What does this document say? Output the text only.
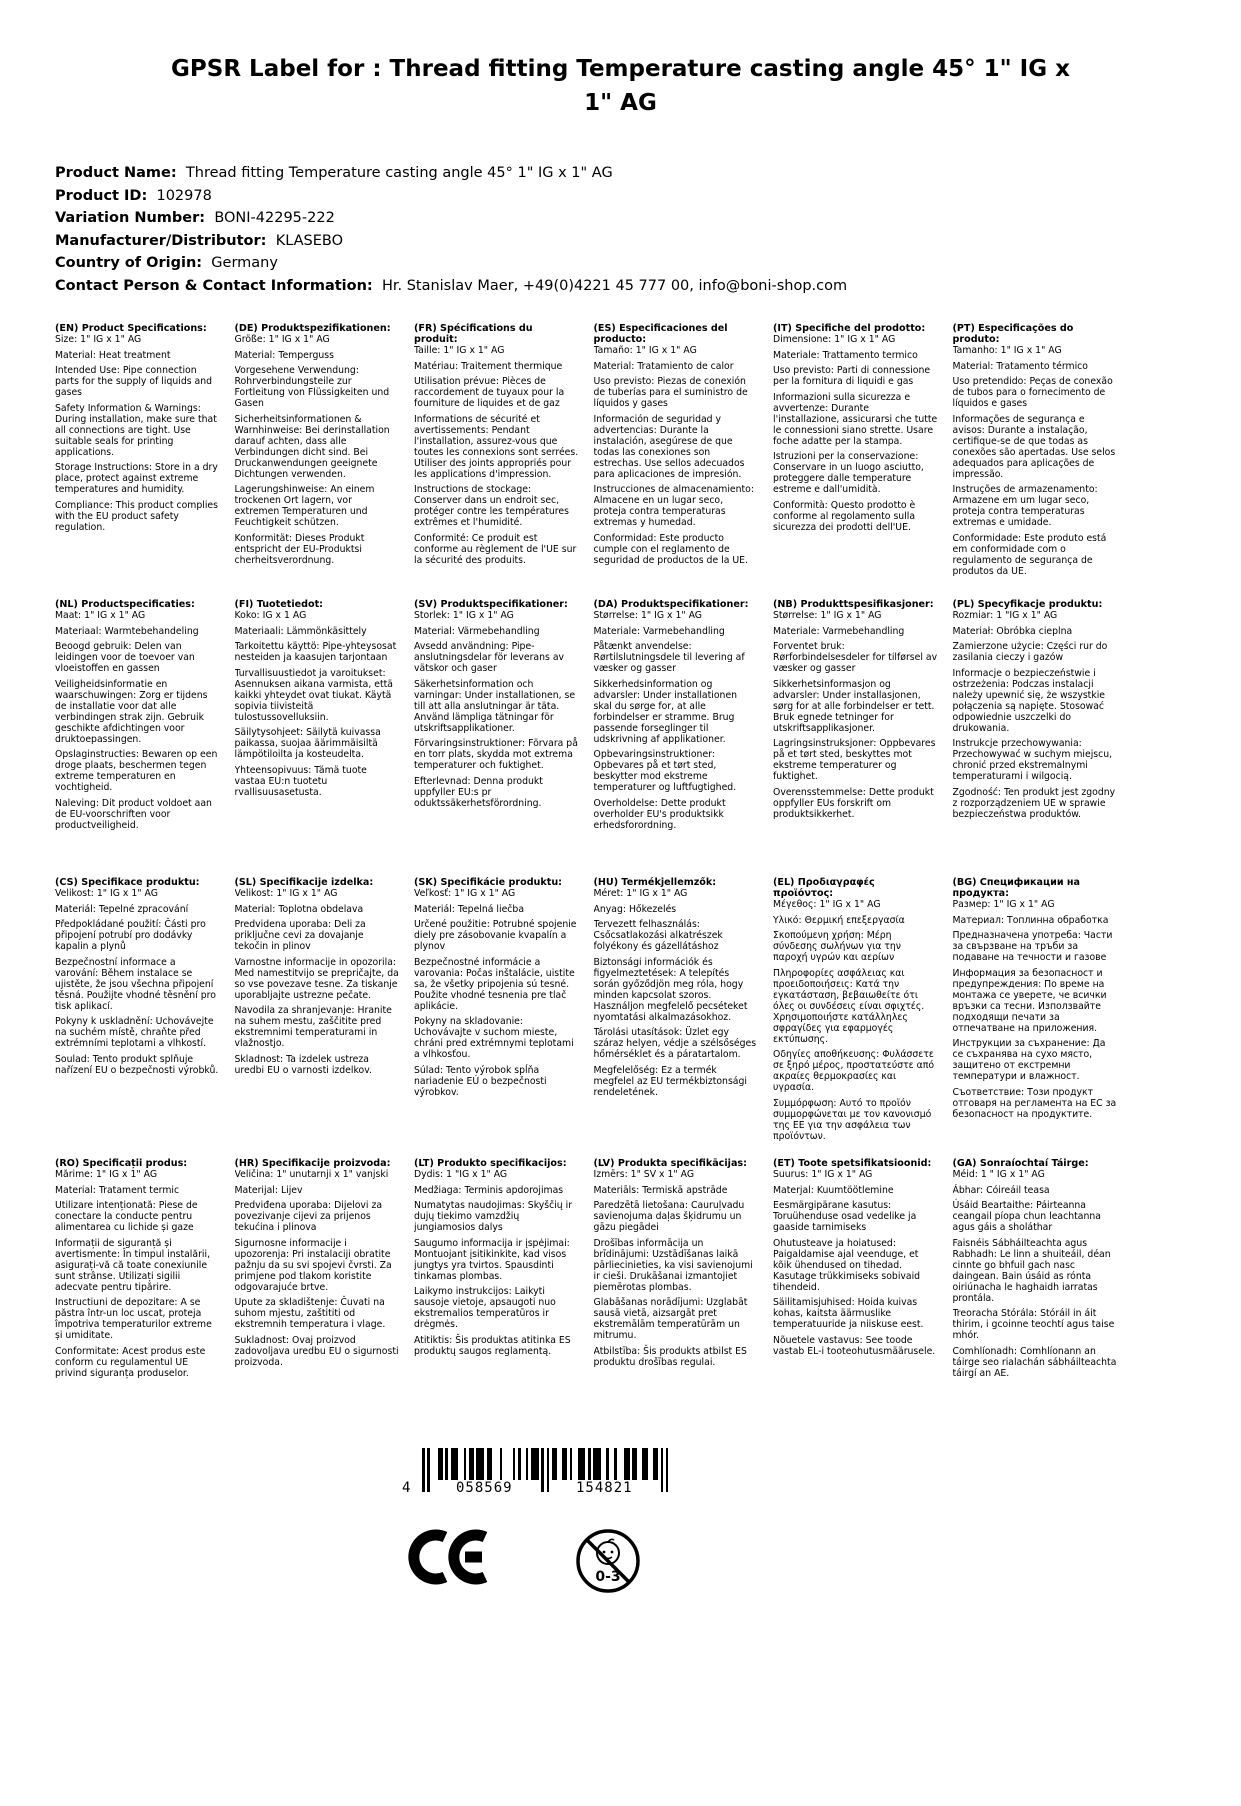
GPSR Label for : Thread fitting Temperature casting angle 45° 1" IG x 1" AG
Product Name: Thread fitting Temperature casting angle 45° 1" IG x 1" AG
Product ID: 102978
Variation Number: BONI-42295-222
Manufacturer/Distributor: KLASEBO
Country of Origin: Germany
Contact Person & Contact Information: Hr. Stanislav Maer, +49(0)4221 45 777 00, info@boni-shop.com
(EN) Product Specifications:

Size: 1" IG x 1" AG

Material: Heat treatment

Intended Use: Pipe connection parts for the supply of liquids and gases

Safety Information & Warnings: During installation, make sure that all connections are tight. Use suitable seals for printing applications.

Storage Instructions: Store in a dry place, protect against extreme temperatures and humidity.

Compliance: This product complies with the EU product safety regulation.

(DE) Produktspezifikationen:

Größe: 1" IG x 1" AG

Material: Temperguss

Vorgesehene Verwendung: Rohrverbindungsteile zur Fortleitung von Flüssigkeiten und Gasen

Sicherheitsinformationen & Warnhinweise: Bei derinstallation darauf achten, dass alle Verbindungen dicht sind. Bei Druckanwendungen geeignete Dichtungen verwenden.

Lagerungshinweise: An einem trockenen Ort lagern, vor extremen Temperaturen und Feuchtigkeit schützen.

Konformität: Dieses Produkt entspricht der EU-Produktsi cherheitsverordnung.

(FR) Spécifications du produit:

Taille: 1" IG x 1" AG

Matériau: Traitement thermique

Utilisation prévue: Pièces de raccordement de tuyaux pour la fourniture de liquides et de gaz

Informations de sécurité et avertissements: Pendant l'installation, assurez-vous que toutes les connexions sont serrées. Utiliser des joints appropriés pour les applications d'impression.

Instructions de stockage: Conserver dans un endroit sec, protéger contre les températures extrêmes et l'humidité.

Conformité: Ce produit est conforme au règlement de l'UE sur la sécurité des produits.

(ES) Especificaciones del producto:

Tamaño: 1" IG x 1" AG

Material: Tratamiento de calor

Uso previsto: Piezas de conexión de tuberías para el suministro de líquidos y gases

Información de seguridad y advertencias: Durante la instalación, asegúrese de que todas las conexiones son estrechas. Use sellos adecuados para aplicaciones de impresión.

Instrucciones de almacenamiento: Almacene en un lugar seco, proteja contra temperaturas extremas y humedad.

Conformidad: Este producto cumple con el reglamento de seguridad de productos de la UE.

(IT) Specifiche del prodotto:

Dimensione: 1" IG x 1" AG

Materiale: Trattamento termico

Uso previsto: Parti di connessione per la fornitura di liquidi e gas

Informazioni sulla sicurezza e avvertenze: Durante l'installazione, assicurarsi che tutte le connessioni siano strette. Usare foche adatte per la stampa.

Istruzioni per la conservazione: Conservare in un luogo asciutto, proteggere dalle temperature estreme e dall'umidità.

Conformità: Questo prodotto è conforme al regolamento sulla sicurezza dei prodotti dell'UE.

(PT) Especificações do produto:

Tamanho: 1" IG x 1" AG

Material: Tratamento térmico

Uso pretendido: Peças de conexão de tubos para o fornecimento de líquidos e gases

Informações de segurança e avisos: Durante a instalação, certifique-se de que todas as conexões são apertadas. Use selos adequados para aplicações de impressão.

Instruções de armazenamento: Armazene em um lugar seco, proteja contra temperaturas extremas e umidade.

Conformidade: Este produto está em conformidade com o regulamento de segurança de produtos da UE.

(NL) Productspecificaties:

Maat: 1" IG x 1" AG

Materiaal: Warmtebehandeling

Beoogd gebruik: Delen van leidingen voor de toevoer van vloeistoffen en gassen

Veiligheidsinformatie en waarschuwingen: Zorg er tijdens de installatie voor dat alle verbindingen strak zijn. Gebruik geschikte afdichtingen voor druktoepassingen.

Opslaginstructies: Bewaren op een droge plaats, beschermen tegen extreme temperaturen en vochtigheid.

Naleving: Dit product voldoet aan de EU-voorschriften voor productveiligheid.

(FI) Tuotetiedot:

Koko: IG x 1 AG

Materiaali: Lämmönkäsittely

Tarkoitettu käyttö: Pipe-yhteysosat nesteiden ja kaasujen tarjontaan

Turvallisuustiedot ja varoitukset: Asennuksen aikana varmista, että kaikki yhteydet ovat tiukat. Käytä sopivia tiivisteitä tulostussovelluksiin.

Säilytysohjeet: Säilytä kuivassa paikassa, suojaa äärimmäisiltä lämpötiloilta ja kosteudelta.

Yhteensopivuus: Tämä tuote vastaa EU:n tuotetu rvallisuusasetusta.

(SV) Produktspecifikationer:

Storlek: 1" IG x 1" AG

Material: Värmebehandling

Avsedd användning: Pipe-anslutningsdelar för leverans av vätskor och gaser

Säkerhetsinformation och varningar: Under installationen, se till att alla anslutningar är täta. Använd lämpliga tätningar för utskriftsapplikationer.

Förvaringsinstruktioner: Förvara på en torr plats, skydda mot extrema temperaturer och fuktighet.

Efterlevnad: Denna produkt uppfyller EU:s pr oduktssäkerhetsförordning.

(DA) Produktspecifikationer:

Størrelse: 1" IG x 1" AG

Materiale: Varmebehandling

Påtænkt anvendelse: Rørtilslutningsdele til levering af væsker og gasser

Sikkerhedsinformation og advarsler: Under installationen skal du sørge for, at alle forbindelser er stramme. Brug passende forseglinger til udskrivning af applikationer.

Opbevaringsinstruktioner: Opbevares på et tørt sted, beskytter mod ekstreme temperaturer og luftfugtighed.

Overholdelse: Dette produkt overholder EU's produktsikk erhedsforordning.

(NB) Produkttspesifikasjoner:

Størrelse: 1" IG x 1" AG

Materiale: Varmebehandling

Forventet bruk: Rørforbindelsesdeler for tilførsel av væsker og gasser

Sikkerhetsinformasjon og advarsler: Under installasjonen, sørg for at alle forbindelser er tett. Bruk egnede tetninger for utskriftsapplikasjoner.

Lagringsinstruksjoner: Oppbevares på et tørt sted, beskyttes mot ekstreme temperaturer og fuktighet.

Overensstemmelse: Dette produkt oppfyller EUs forskrift om produktsikkerhet.

(PL) Specyfikacje produktu:

Rozmiar: 1 "IG x 1" AG

Materiał: Obróbka cieplna

Zamierzone użycie: Części rur do zasilania cieczy i gazów

Informacje o bezpieczeństwie i ostrzeżenia: Podczas instalacji należy upewnić się, że wszystkie połączenia są napięte. Stosować odpowiednie uszczelki do drukowania.

Instrukcje przechowywania: Przechowywać w suchym miejscu, chronić przed ekstremalnymi temperaturami i wilgocią.

Zgodność: Ten produkt jest zgodny z rozporządzeniem UE w sprawie bezpieczeństwa produktów.

(CS) Specifikace produktu:

Velikost: 1" IG x 1" AG

Materiál: Tepelné zpracování

Předpokládané použití: Části pro připojení potrubí pro dodávky kapalin a plynů

Bezpečnostní informace a varování: Během instalace se ujistěte, že jsou všechna připojení těsná. Použijte vhodné těsnění pro tisk aplikací.

Pokyny k uskladnění: Uchovávejte na suchém místě, chraňte před extrémními teplotami a vlhkostí.

Soulad: Tento produkt splňuje nařízení EU o bezpečnosti výrobků.

(SL) Specifikacije izdelka:

Velikost: 1" IG x 1" AG

Material: Toplotna obdelava

Predvidena uporaba: Deli za priključne cevi za dovajanje tekočin in plinov

Varnostne informacije in opozorila: Med namestitvijo se prepričajte, da so vse povezave tesne. Za tiskanje uporabljajte ustrezne pečate.

Navodila za shranjevanje: Hranite na suhem mestu, zaščitite pred ekstremnimi temperaturami in vlažnostjo.

Skladnost: Ta izdelek ustreza uredbi EU o varnosti izdelkov.

(SK) Špecifikácie produktu:

Veľkosť: 1" IG x 1" AG

Materiál: Tepelná liečba

Určené použitie: Potrubné spojenie diely pre zásobovanie kvapalín a plynov

Bezpečnostné informácie a varovania: Počas inštalácie, uistite sa, že všetky pripojenia sú tesné. Použite vhodné tesnenia pre tlač aplikácie.

Pokyny na skladovanie: Uchovávajte v suchom mieste, chráni pred extrémnymi teplotami a vlhkosťou.

Súlad: Tento výrobok spĺňa nariadenie EÚ o bezpečnosti výrobkov.

(HU) Termékjellemzők:

Méret: 1" IG x 1" AG

Anyag: Hőkezelés

Tervezett felhasználás: Csőcsatlakozási alkatrészek folyékony és gázellátáshoz

Biztonsági információk és figyelmeztetések: A telepítés során győződjön meg róla, hogy minden kapcsolat szoros. Használjon megfelelő pecséteket nyomtatási alkalmazásokhoz.

Tárolási utasítások: Üzlet egy száraz helyen, védje a szélsőséges hőmérséklet és a páratartalom.

Megfelelőség: Ez a termék megfelel az EU termékbiztonsági rendeletének.

(EL) Προδιαγραφές προϊόντος:

Μέγεθος: 1" IG x 1" AG

Υλικό: Θερμική επεξεργασία

Σκοπούμενη χρήση: Μέρη σύνδεσης σωλήνων για την παροχή υγρών και αερίων

Πληροφορίες ασφάλειας και προειδοποιήσεις: Κατά την εγκατάσταση, βεβαιωθείτε ότι όλες οι συνδέσεις είναι σφιχτές. Χρησιμοποιήστε κατάλληλες σφραγίδες για εφαρμογές εκτύπωσης.

Οδηγίες αποθήκευσης: Φυλάσσετε σε ξηρό μέρος, προστατεύστε από ακραίες θερμοκρασίες και υγρασία.

Συμμόρφωση: Αυτό το προϊόν συμμορφώνεται με τον κανονισμό της ΕΕ για την ασφάλεια των προϊόντων.

(BG) Спецификации на продукта:

Размер: 1" IG x 1" AG

Материал: Топлинна обработка

Предназначена употреба: Части за свързване на тръби за подаване на течности и газове

Информация за безопасност и предупреждения: По време на монтажа се уверете, че всички връзки са тесни. Използвайте подходящи печати за отпечатване на приложения.

Инструкции за съхранение: Да се съхранява на сухо място, защитено от екстремни температури и влажност.

Съответствие: Този продукт отговаря на регламента на ЕС за безопасност на продуктите.

(RO) Specificații produs:

Mărime: 1" IG x 1" AG

Material: Tratament termic

Utilizare intenționată: Piese de conectare la conducte pentru alimentarea cu lichide și gaze

Informații de siguranță și avertismente: În timpul instalării, asigurați-vă că toate conexiunile sunt strânse. Utilizați sigilii adecvate pentru tipărire.

Instructiuni de depozitare: A se păstra într-un loc uscat, proteja împotriva temperaturilor extreme și umiditate.

Conformitate: Acest produs este conform cu regulamentul UE privind siguranța produselor.

(HR) Specifikacije proizvoda:

Veličina: 1" unutarnji x 1" vanjski

Materijal: Lijev

Predviđena uporaba: Dijelovi za povezivanje cijevi za prijenos tekućina i plinova

Sigurnosne informacije i upozorenja: Pri instalaciji obratite pažnju da su svi spojevi čvrsti. Za primjene pod tlakom koristite odgovarajuće brtve.

Upute za skladištenje: Čuvati na suhom mjestu, zaštititi od ekstremnih temperatura i vlage.

Sukladnost: Ovaj proizvod zadovoljava uredbu EU o sigurnosti proizvoda.

(LT) Produkto specifikacijos:

Dydis: 1 "IG x 1" AG

Medžiaga: Terminis apdorojimas

Numatytas naudojimas: Skyščių ir dujų tiekimo vamzdžių jungiamosios dalys

Saugumo informacija ir įspėjimai: Montuojant įsitikinkite, kad visos jungtys yra tvirtos. Spausdinti tinkamas plombas.

Laikymo instrukcijos: Laikyti sausoje vietoje, apsaugoti nuo ekstremalios temperatūros ir drėgmės.

Atitiktis: Šis produktas atitinka ES produktų saugos reglamentą.

(LV) Produkta specifikācijas:

Izmērs: 1" SV x 1" AG

Materiāls: Termiskā apstrāde

Paredzētā lietošana: Cauruļvadu savienojuma daļas šķidrumu un gāzu piegādei

Drošības informācija un brīdinājumi: Uzstādīšanas laikā pārliecinieties, ka visi savienojumi ir cieši. Drukāšanai izmantojiet piemērotas plombas.

Glabāšanas norādījumi: Uzglabāt sausā vietā, aizsargāt pret ekstremālām temperatūrām un mitrumu.

Atbilstība: Šis produkts atbilst ES produktu drošības regulai.

(ET) Toote spetsifikatsioonid:

Suurus: 1" IG x 1" AG

Materjal: Kuumtöötlemine

Eesmärgipärane kasutus: Toruühenduse osad vedelike ja gaaside tarnimiseks

Ohutusteave ja hoiatused: Paigaldamise ajal veenduge, et kõik ühendused on tihedad. Kasutage trükkimiseks sobivaid tihendeid.

Säilitamisjuhised: Hoida kuivas kohas, kaitsta äärmuslike temperatuuride ja niiskuse eest.

Nõuetele vastavus: See toode vastab EL-i tooteohutusmäärusele.

(GA) Sonraíochtaí Táirge:

Méid: 1 " IG x 1" AG

Ábhar: Cóireáil teasa

Úsáid Beartaithe: Páirteanna ceangail píopa chun leachtanna agus gáis a sholáthar

Faisnéis Sábháilteachta agus Rabhadh: Le linn a shuiteáil, déan cinnte go bhfuil gach nasc daingean. Bain úsáid as rónta oiriúnacha le haghaidh iarratas prontála.

Treoracha Stórála: Stóráil in áit thirim, i gcoinne teochtí agus taise mhór.

Comhlíonadh: Comhlíonann an táirge seo rialachán sábháilteachta táirgí an AE.

4	058569	154821
0-3
